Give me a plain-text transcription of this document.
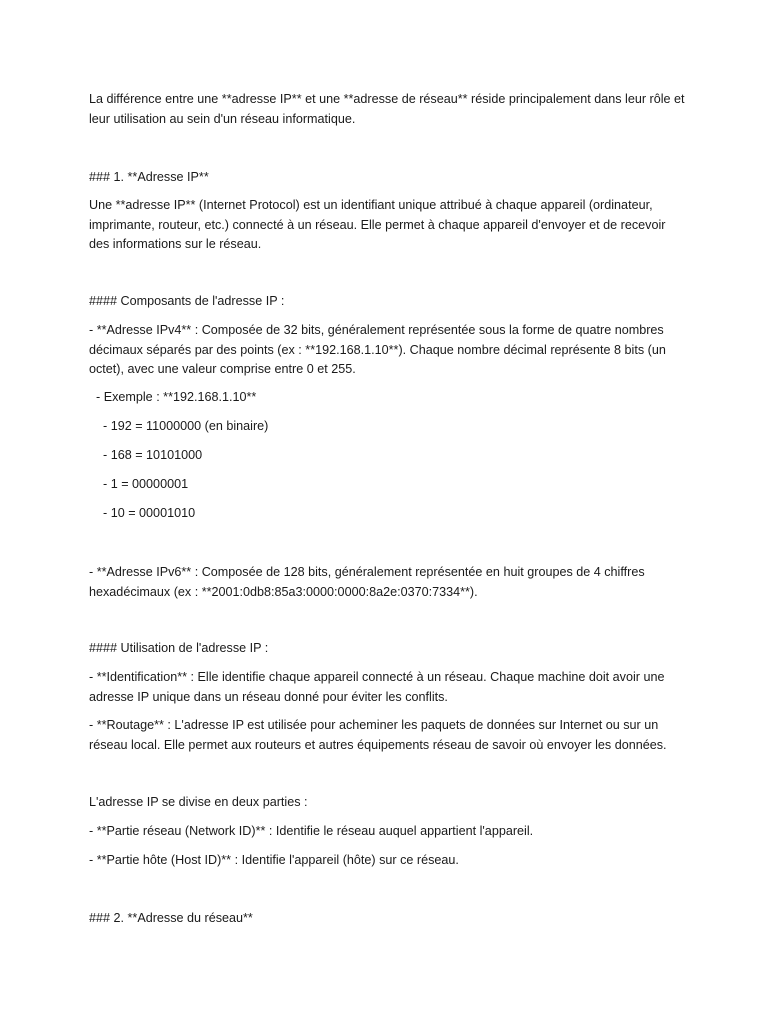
La différence entre une **adresse IP** et une **adresse de réseau** réside principalement dans leur rôle et leur utilisation au sein d'un réseau informatique.

### 1. **Adresse IP**

Une **adresse IP** (Internet Protocol) est un identifiant unique attribué à chaque appareil (ordinateur, imprimante, routeur, etc.) connecté à un réseau. Elle permet à chaque appareil d'envoyer et de recevoir des informations sur le réseau.

#### Composants de l'adresse IP :

- **Adresse IPv4** : Composée de 32 bits, généralement représentée sous la forme de quatre nombres décimaux séparés par des points (ex : **192.168.1.10**). Chaque nombre décimal représente 8 bits (un octet), avec une valeur comprise entre 0 et 255.

- Exemple : **192.168.1.10**

- 192 = 11000000 (en binaire)

- 168 = 10101000

- 1 = 00000001

- 10 = 00001010

- **Adresse IPv6** : Composée de 128 bits, généralement représentée en huit groupes de 4 chiffres hexadécimaux (ex : **2001:0db8:85a3:0000:0000:8a2e:0370:7334**).

#### Utilisation de l'adresse IP :

- **Identification** : Elle identifie chaque appareil connecté à un réseau. Chaque machine doit avoir une adresse IP unique dans un réseau donné pour éviter les conflits.

- **Routage** : L'adresse IP est utilisée pour acheminer les paquets de données sur Internet ou sur un réseau local. Elle permet aux routeurs et autres équipements réseau de savoir où envoyer les données.

L'adresse IP se divise en deux parties :

- **Partie réseau (Network ID)** : Identifie le réseau auquel appartient l'appareil.

- **Partie hôte (Host ID)** : Identifie l'appareil (hôte) sur ce réseau.

### 2. **Adresse du réseau**
